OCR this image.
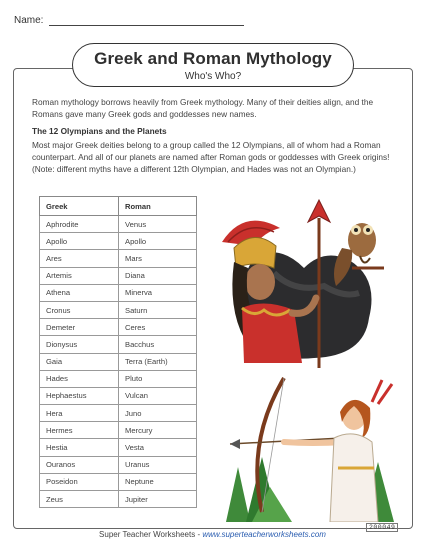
Name:
Greek and Roman Mythology
Who's Who?
Roman mythology borrows heavily from Greek mythology. Many of their deities align, and the Romans gave many Greek gods and goddesses new names.
The 12 Olympians and the Planets
Most major Greek deities belong to a group called the 12 Olympians, all of whom had a Roman counterpart. And all of our planets are named after Roman gods or goddesses with Greek origins! (Note: different myths have a different 12th Olympian, and Hades was not an Olympian.)
Greek	Roman
Aphrodite	Venus
Apollo	Apollo
Ares	Mars
Artemis	Diana
Athena	Minerva
Cronus	Saturn
Demeter	Ceres
Dionysus	Bacchus
Gaia	Terra (Earth)
Hades	Pluto
Hephaestus	Vulcan
Hera	Juno
Hermes	Mercury
Hestia	Vesta
Ouranos	Uranus
Poseidon	Neptune
Zeus	Jupiter
Super Teacher Worksheets - www.superteacherworksheets.com
200049
